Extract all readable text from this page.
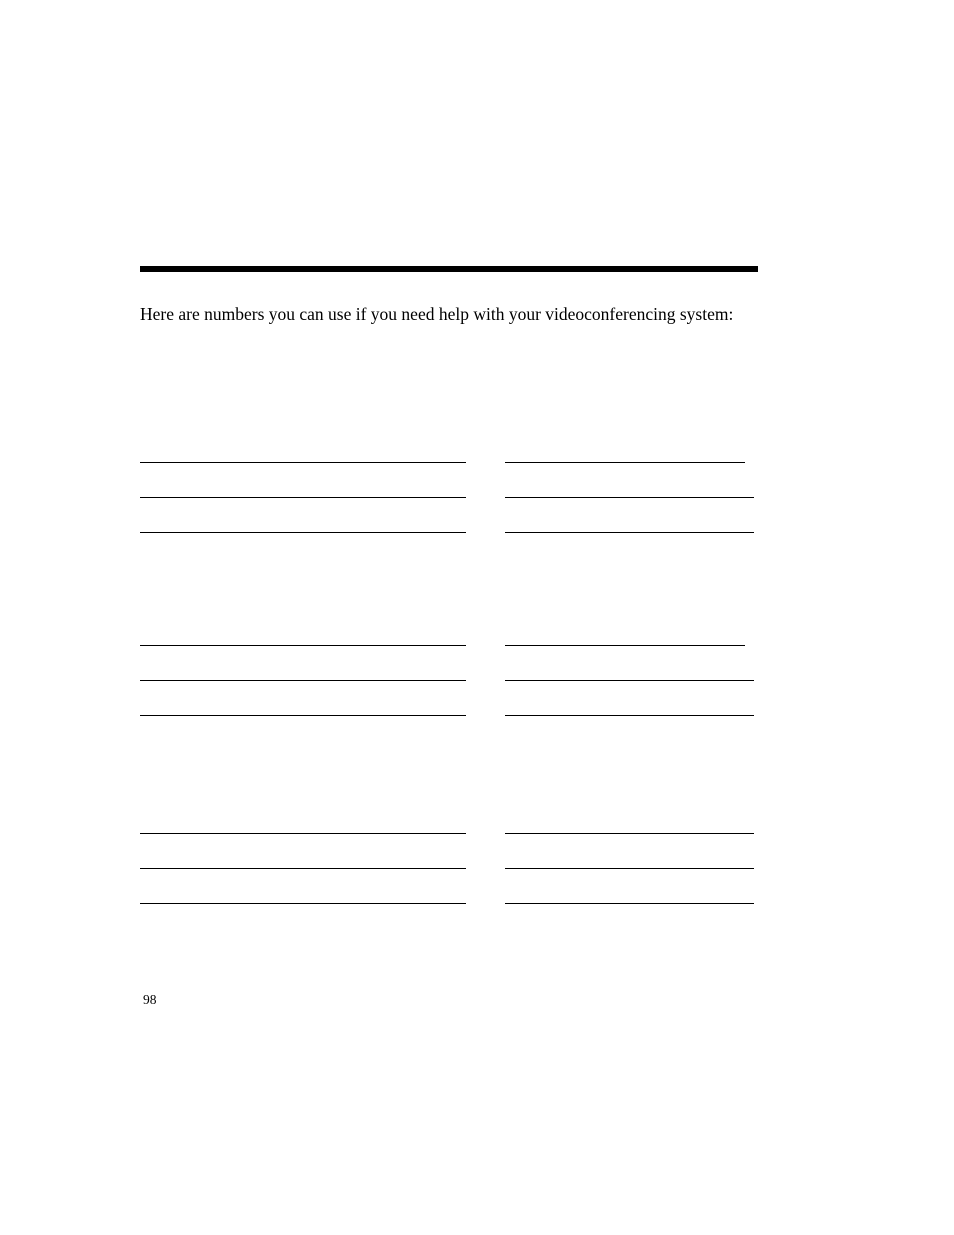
Here are numbers you can use if you need help with your videoconferencing system:

98
